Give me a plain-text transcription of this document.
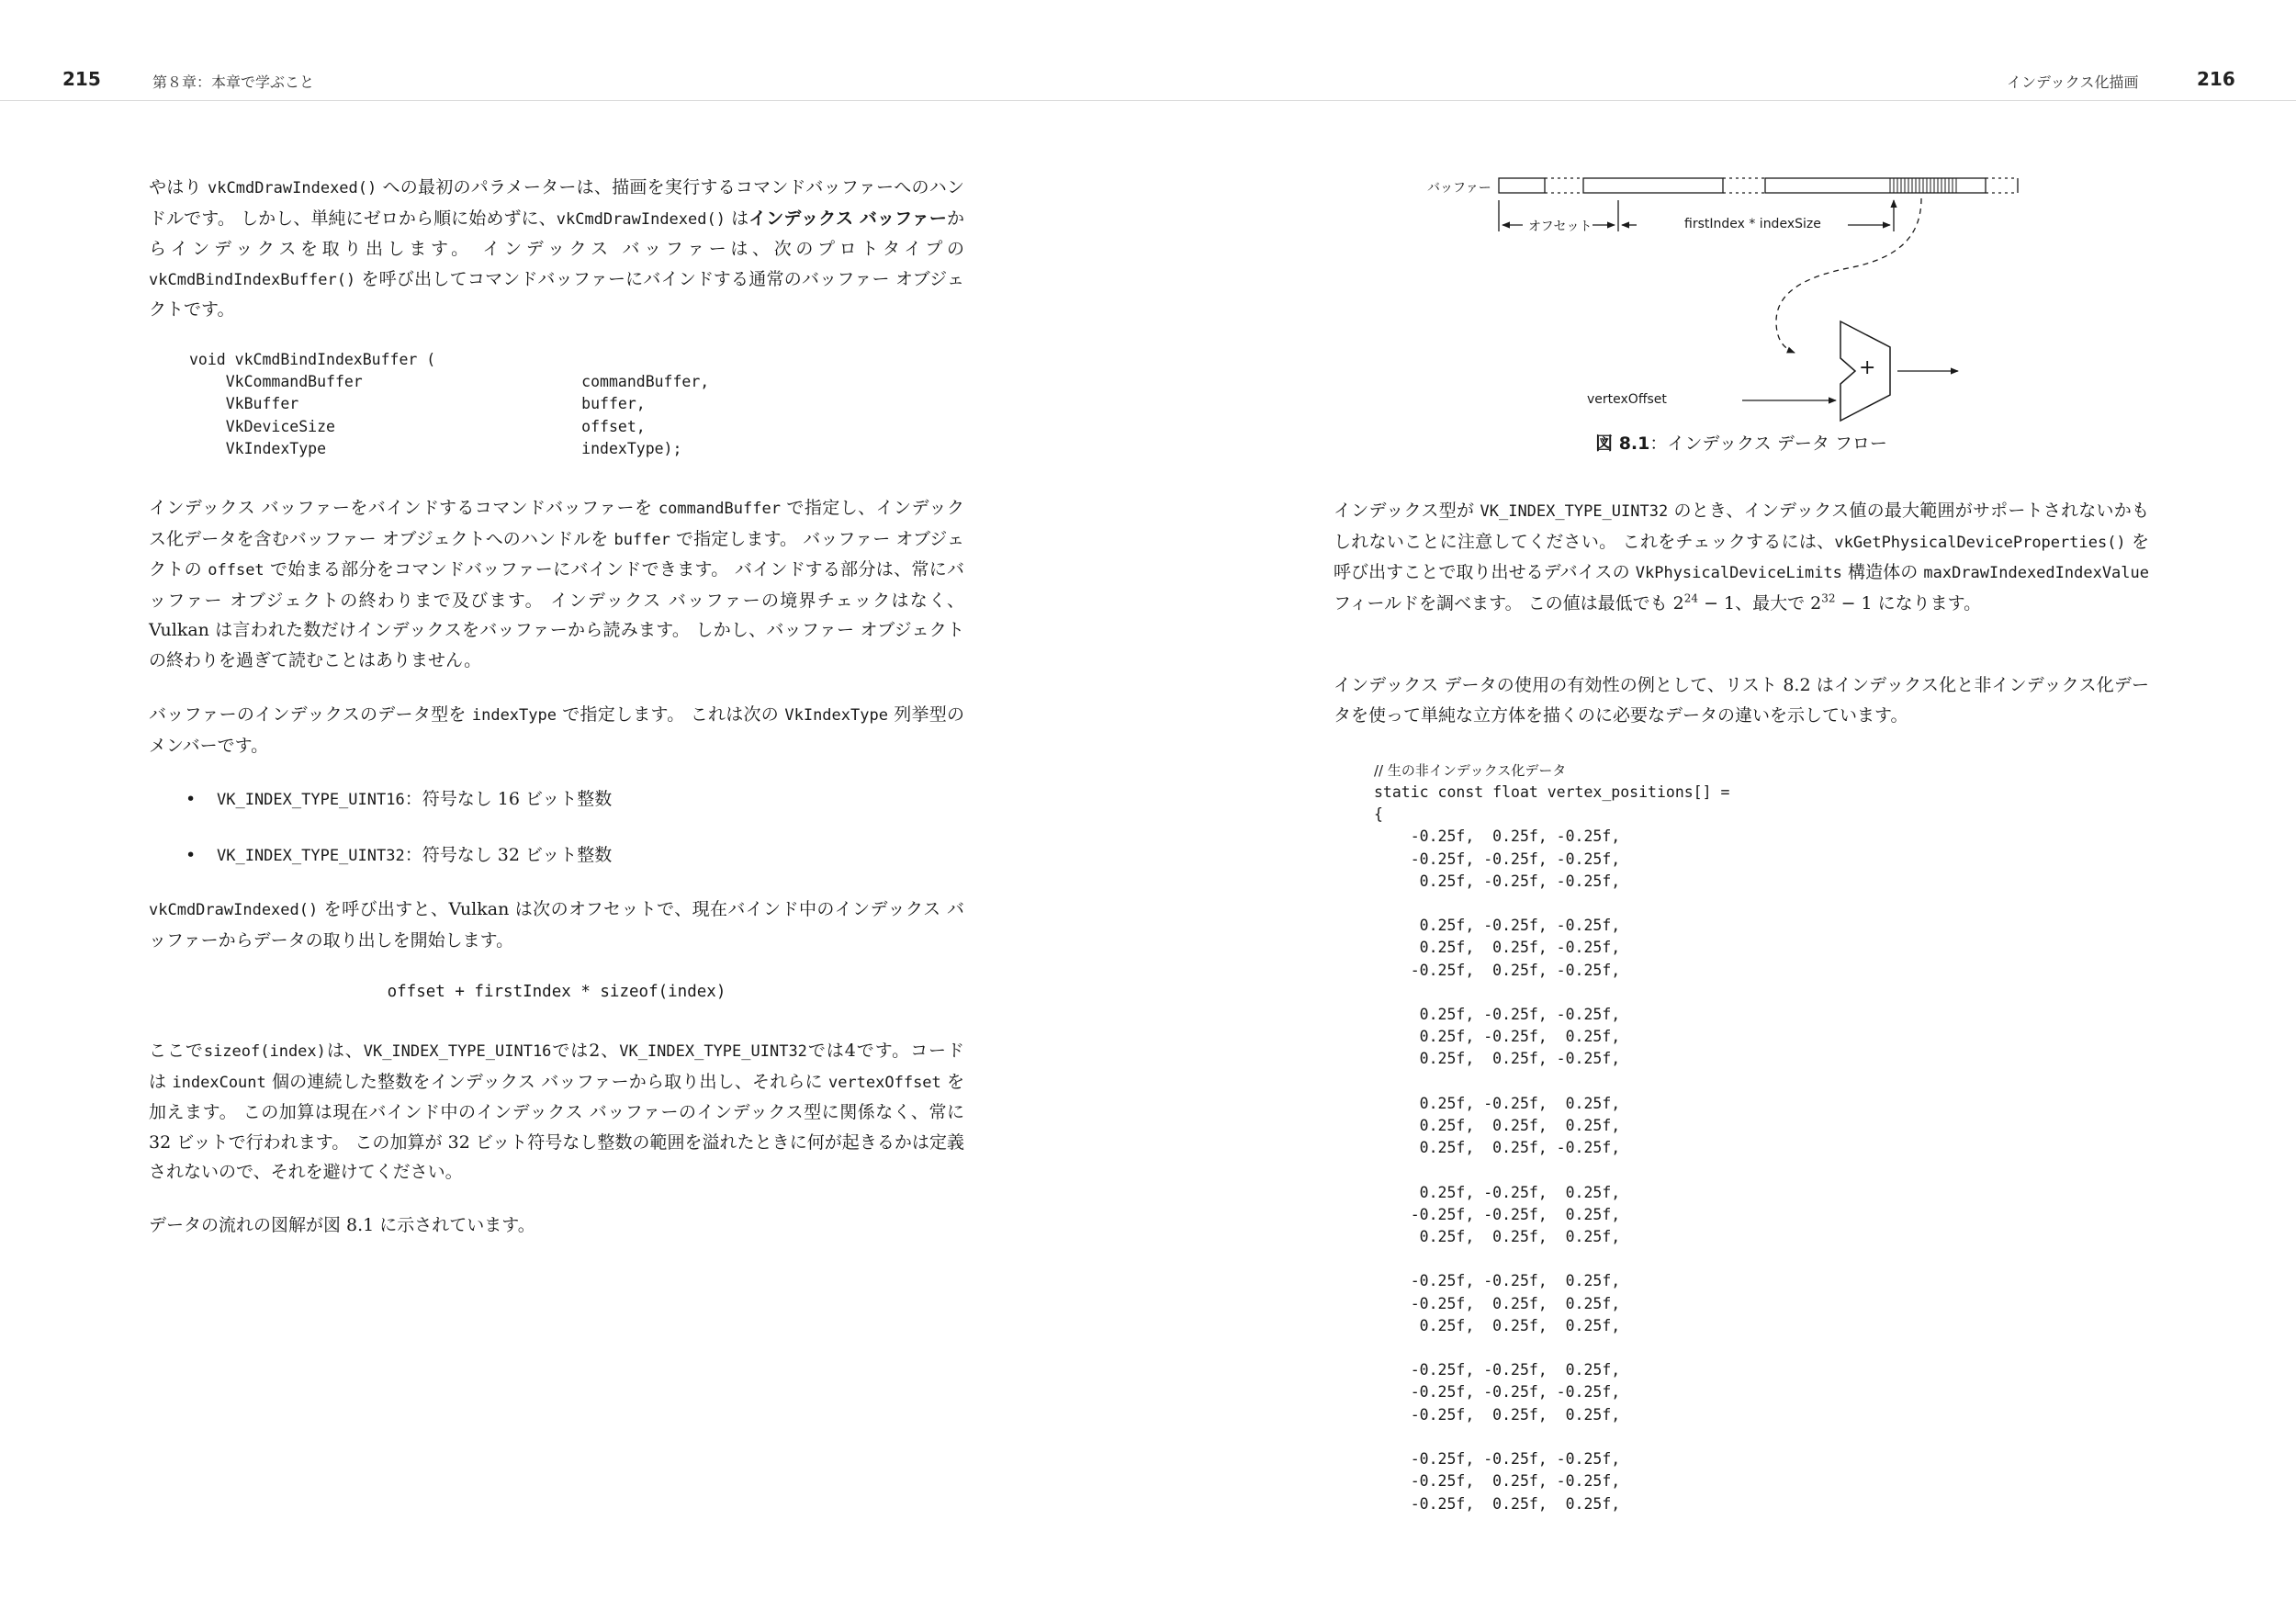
215	第８章：本章で学ぶこと	インデックス化描画	216

やはり vkCmdDrawIndexed() への最初のパラメーターは、描画を実行するコマンドバッファーへのハンドルです。 しかし、単純にゼロから順に始めずに、vkCmdDrawIndexed() はインデックス バッファーからインデックスを取り出します。 インデックス バッファーは、次のプロトタイプの vkCmdBindIndexBuffer() を呼び出してコマンドバッファーにバインドする通常のバッファー オブジェクトです。

void vkCmdBindIndexBuffer (
VkCommandBuffer                        commandBuffer,
VkBuffer                               buffer,
VkDeviceSize                           offset,
VkIndexType                            indexType);

インデックス バッファーをバインドするコマンドバッファーを commandBuffer で指定し、インデックス化データを含むバッファー オブジェクトへのハンドルを buffer で指定します。 バッファー オブジェクトの offset で始まる部分をコマンドバッファーにバインドできます。 バインドする部分は、常にバッファー オブジェクトの終わりまで及びます。 インデックス バッファーの境界チェックはなく、Vulkan は言われた数だけインデックスをバッファーから読みます。 しかし、バッファー オブジェクトの終わりを過ぎて読むことはありません。

バッファーのインデックスのデータ型を indexType で指定します。 これは次の VkIndexType 列挙型のメンバーです。

• VK_INDEX_TYPE_UINT16：符号なし 16 ビット整数
• VK_INDEX_TYPE_UINT32：符号なし 32 ビット整数

vkCmdDrawIndexed() を呼び出すと、Vulkan は次のオフセットで、現在バインド中のインデックス バッファーからデータの取り出しを開始します。

offset + firstIndex * sizeof(index)

ここでsizeof(index)は、VK_INDEX_TYPE_UINT16では2、VK_INDEX_TYPE_UINT32では4です。コードは indexCount 個の連続した整数をインデックス バッファーから取り出し、それらに vertexOffset を加えます。 この加算は現在バインド中のインデックス バッファーのインデックス型に関係なく、常に 32 ビットで行われます。 この加算が 32 ビット符号なし整数の範囲を溢れたときに何が起きるかは定義されないので、それを避けてください。

データの流れの図解が図 8.1 に示されています。

バッファー
オフセット	firstIndex * indexSize
vertexOffset
+
図 8.1：インデックス データ フロー

インデックス型が VK_INDEX_TYPE_UINT32 のとき、インデックス値の最大範囲がサポートされないかもしれないことに注意してください。 これをチェックするには、vkGetPhysicalDeviceProperties() を呼び出すことで取り出せるデバイスの VkPhysicalDeviceLimits 構造体の maxDrawIndexedIndexValue フィールドを調べます。 この値は最低でも $2^{24} - 1$、最大で $2^{32} - 1$ になります。

インデックス データの使用の有効性の例として、リスト 8.2 はインデックス化と非インデックス化データを使って単純な立方体を描くのに必要なデータの違いを示しています。

// 生の非インデックス化データ
static const float vertex_positions[] =
{
-0.25f,  0.25f, -0.25f,
-0.25f, -0.25f, -0.25f,
0.25f, -0.25f, -0.25f,

0.25f, -0.25f, -0.25f,
0.25f,  0.25f, -0.25f,
-0.25f,  0.25f, -0.25f,

0.25f, -0.25f, -0.25f,
0.25f, -0.25f,  0.25f,
0.25f,  0.25f, -0.25f,

0.25f, -0.25f,  0.25f,
0.25f,  0.25f,  0.25f,
0.25f,  0.25f, -0.25f,

0.25f, -0.25f,  0.25f,
-0.25f, -0.25f,  0.25f,
0.25f,  0.25f,  0.25f,

-0.25f, -0.25f,  0.25f,
-0.25f,  0.25f,  0.25f,
0.25f,  0.25f,  0.25f,

-0.25f, -0.25f,  0.25f,
-0.25f, -0.25f, -0.25f,
-0.25f,  0.25f,  0.25f,

-0.25f, -0.25f, -0.25f,
-0.25f,  0.25f, -0.25f,
-0.25f,  0.25f,  0.25f,
